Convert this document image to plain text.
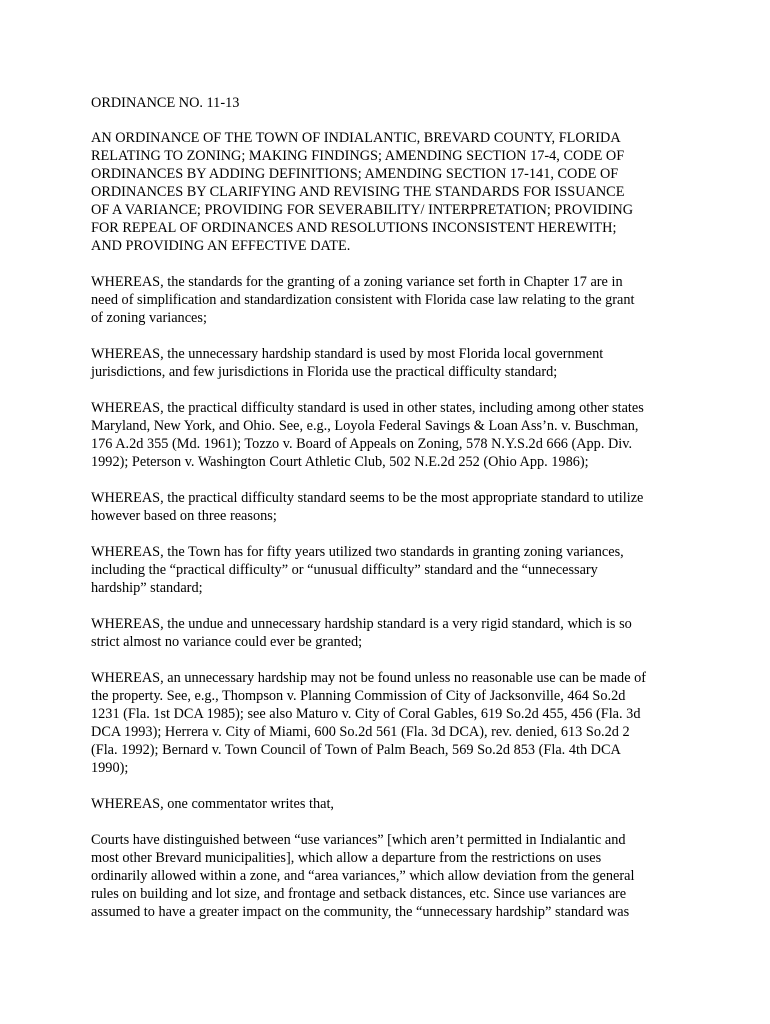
ORDINANCE NO. 11-13

AN ORDINANCE OF THE TOWN OF INDIALANTIC, BREVARD COUNTY, FLORIDA
RELATING TO ZONING; MAKING FINDINGS; AMENDING SECTION 17-4, CODE OF
ORDINANCES BY ADDING DEFINITIONS; AMENDING SECTION 17-141, CODE OF
ORDINANCES BY CLARIFYING AND REVISING THE STANDARDS FOR ISSUANCE
OF A VARIANCE; PROVIDING FOR SEVERABILITY/ INTERPRETATION; PROVIDING
FOR REPEAL OF ORDINANCES AND RESOLUTIONS INCONSISTENT HEREWITH;
AND PROVIDING AN EFFECTIVE DATE.

WHEREAS, the standards for the granting of a zoning variance set forth in Chapter 17 are in
need of simplification and standardization consistent with Florida case law relating to the grant
of zoning variances;

WHEREAS, the unnecessary hardship standard is used by most Florida local government
jurisdictions, and few jurisdictions in Florida use the practical difficulty standard;

WHEREAS, the practical difficulty standard is used in other states, including among other states
Maryland, New York, and Ohio. See, e.g., Loyola Federal Savings & Loan Ass’n. v. Buschman,
176 A.2d 355 (Md. 1961); Tozzo v. Board of Appeals on Zoning, 578 N.Y.S.2d 666 (App. Div.
1992); Peterson v. Washington Court Athletic Club, 502 N.E.2d 252 (Ohio App. 1986);

WHEREAS, the practical difficulty standard seems to be the most appropriate standard to utilize
however based on three reasons;

WHEREAS, the Town has for fifty years utilized two standards in granting zoning variances,
including the “practical difficulty” or “unusual difficulty” standard and the “unnecessary
hardship” standard;

WHEREAS, the undue and unnecessary hardship standard is a very rigid standard, which is so
strict almost no variance could ever be granted;

WHEREAS, an unnecessary hardship may not be found unless no reasonable use can be made of
the property. See, e.g., Thompson v. Planning Commission of City of Jacksonville, 464 So.2d
1231 (Fla. 1st DCA 1985); see also Maturo v. City of Coral Gables, 619 So.2d 455, 456 (Fla. 3d
DCA 1993); Herrera v. City of Miami, 600 So.2d 561 (Fla. 3d DCA), rev. denied, 613 So.2d 2
(Fla. 1992); Bernard v. Town Council of Town of Palm Beach, 569 So.2d 853 (Fla. 4th DCA
1990);

WHEREAS, one commentator writes that,

Courts have distinguished between “use variances” [which aren’t permitted in Indialantic and
most other Brevard municipalities], which allow a departure from the restrictions on uses
ordinarily allowed within a zone, and “area variances,” which allow deviation from the general
rules on building and lot size, and frontage and setback distances, etc. Since use variances are
assumed to have a greater impact on the community, the “unnecessary hardship” standard was
